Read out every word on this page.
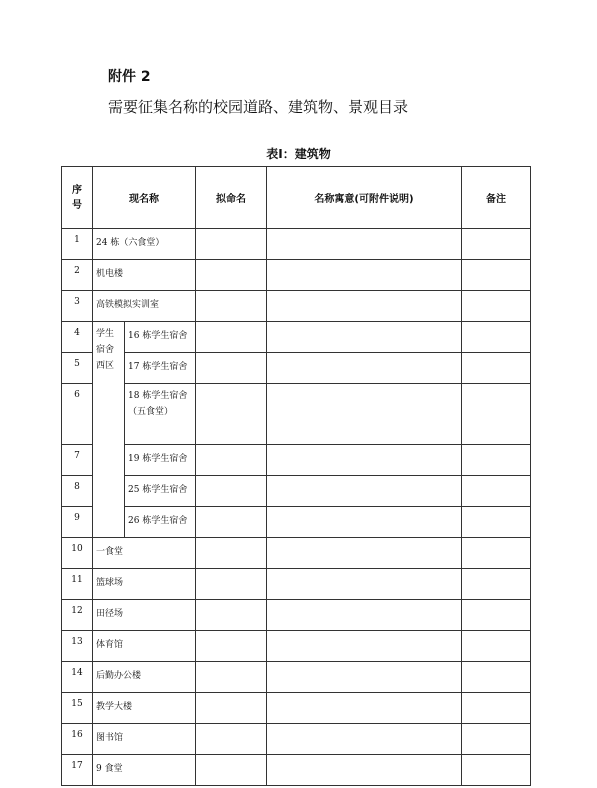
附件 2
需要征集名称的校园道路、建筑物、景观目录
表Ⅰ：建筑物
序号	现名称		拟命名	名称寓意(可附件说明)	备注
1	24 栋（六食堂）				
2	机电楼				
3	高铁模拟实训室				
4	学生宿舍西区	16 栋学生宿舍			
5		17 栋学生宿舍			
6		18 栋学生宿舍（五食堂）			
7		19 栋学生宿舍			
8		25 栋学生宿舍			
9		26 栋学生宿舍			
10	一食堂				
11	篮球场				
12	田径场				
13	体育馆				
14	后勤办公楼				
15	教学大楼				
16	图书馆				
17	9 食堂				
